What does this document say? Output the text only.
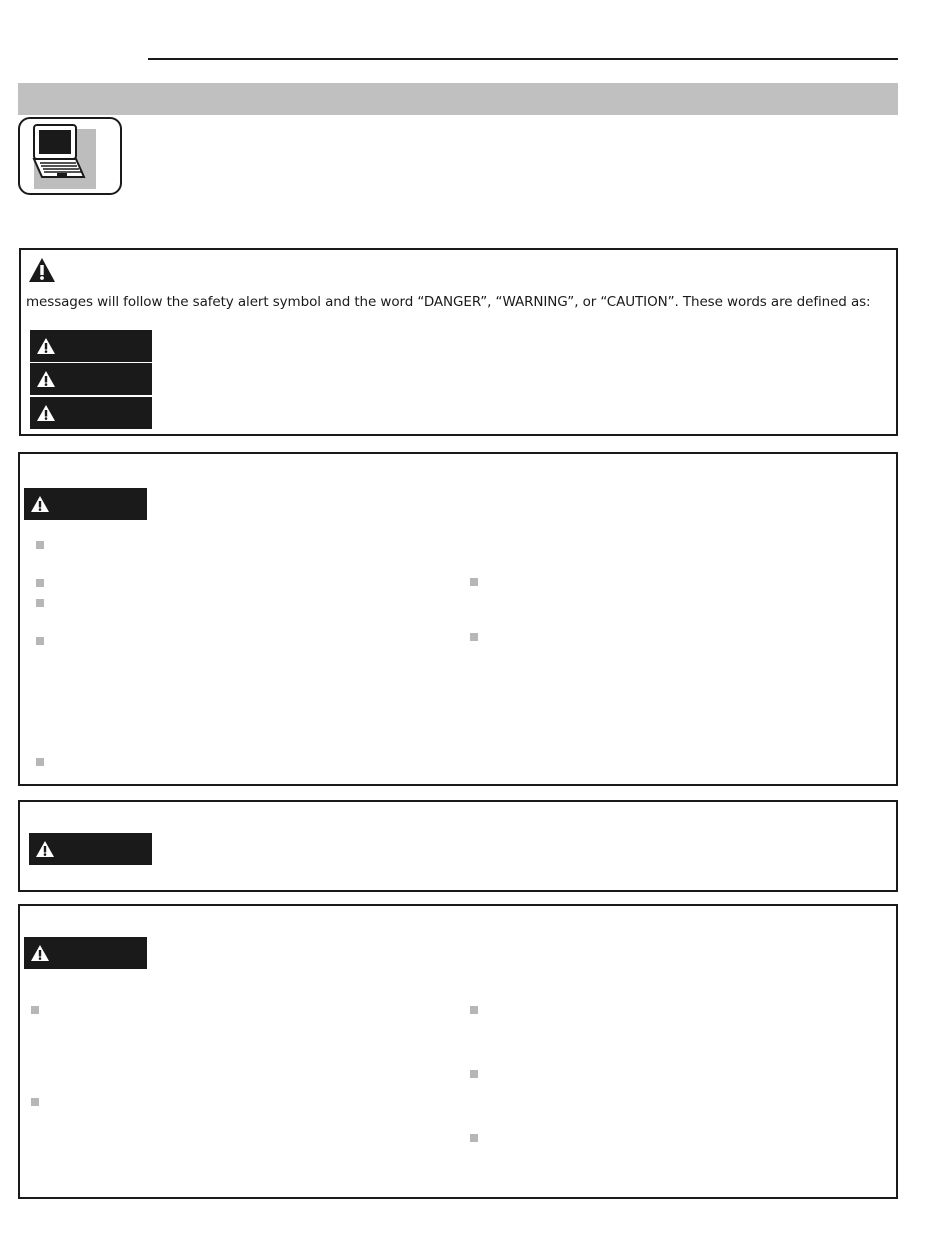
messages will follow the safety alert symbol and the word “DANGER”, “WARNING”, or “CAUTION”. These words are defined as:
